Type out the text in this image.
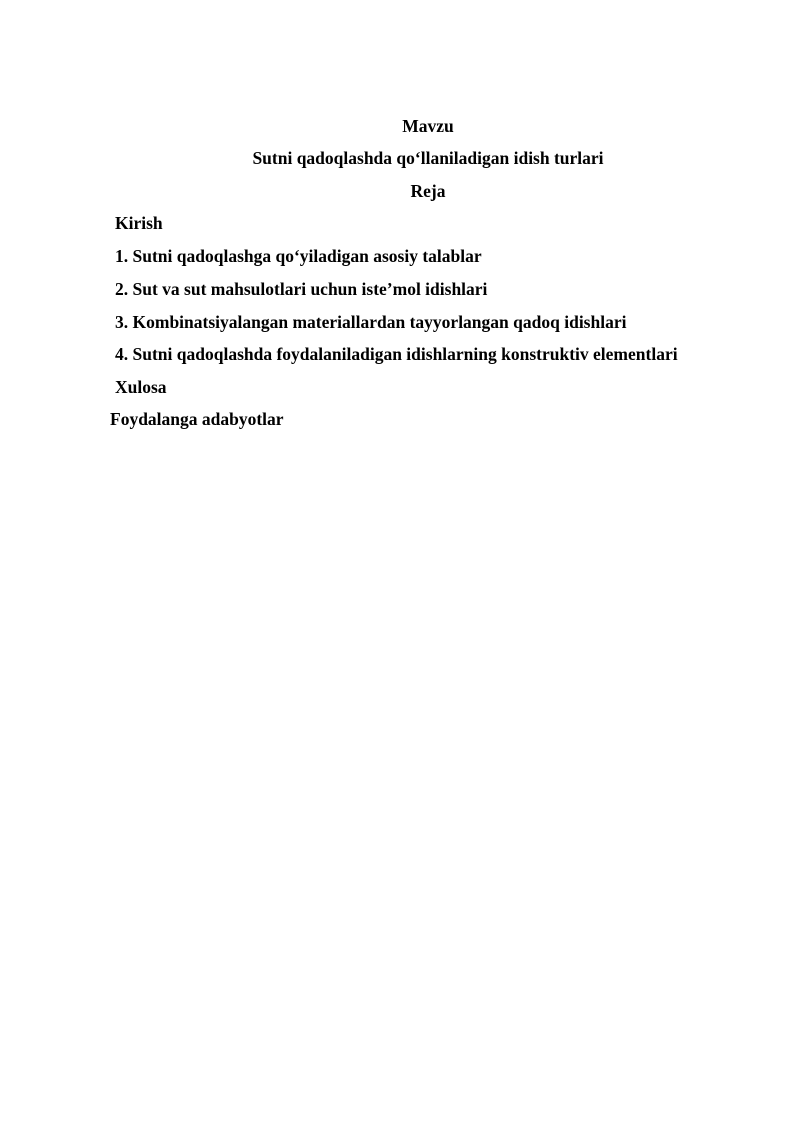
Mavzu
Sutni qadoqlashda qo‘llaniladigan idish turlari
Reja
Kirish
1. Sutni qadoqlashga qo‘yiladigan asosiy talablar
2. Sut va sut mahsulotlari uchun iste’mol idishlari
3. Kombinatsiyalangan materiallardan tayyorlangan qadoq idishlari
4. Sutni qadoqlashda foydalaniladigan idishlarning konstruktiv elementlari
Xulosa
Foydalanga adabyotlar
